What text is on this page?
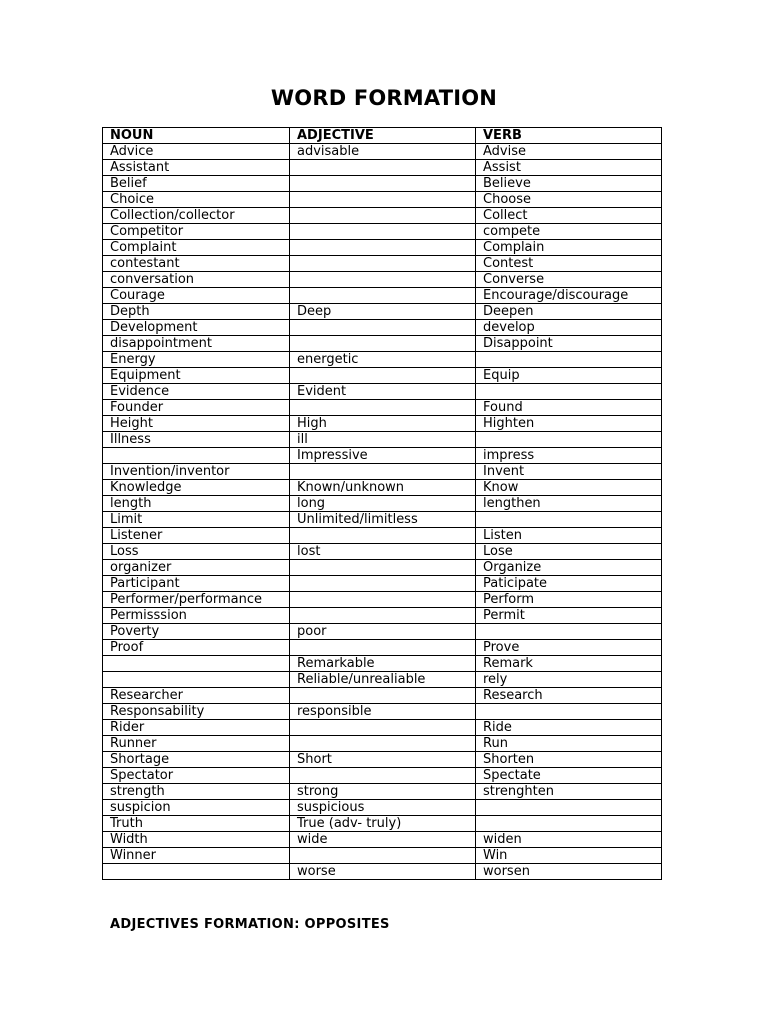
WORD FORMATION
NOUN	ADJECTIVE	VERB
Advice	advisable	Advise
Assistant		Assist
Belief		Believe
Choice		Choose
Collection/collector		Collect
Competitor		compete
Complaint		Complain
contestant		Contest
conversation		Converse
Courage		Encourage/discourage
Depth	Deep	Deepen
Development		develop
disappointment		Disappoint
Energy	energetic	
Equipment		Equip
Evidence	Evident	
Founder		Found
Height	High	Highten
Illness	ill	
	Impressive	impress
Invention/inventor		Invent
Knowledge	Known/unknown	Know
length	long	lengthen
Limit	Unlimited/limitless	
Listener		Listen
Loss	lost	Lose
organizer		Organize
Participant		Paticipate
Performer/performance		Perform
Permisssion		Permit
Poverty	poor	
Proof		Prove
	Remarkable	Remark
	Reliable/unrealiable	rely
Researcher		Research
Responsability	responsible	
Rider		Ride
Runner		Run
Shortage	Short	Shorten
Spectator		Spectate
strength	strong	strenghten
suspicion	suspicious	
Truth	True (adv- truly)	
Width	wide	widen
Winner		Win
	worse	worsen
ADJECTIVES FORMATION: OPPOSITES
